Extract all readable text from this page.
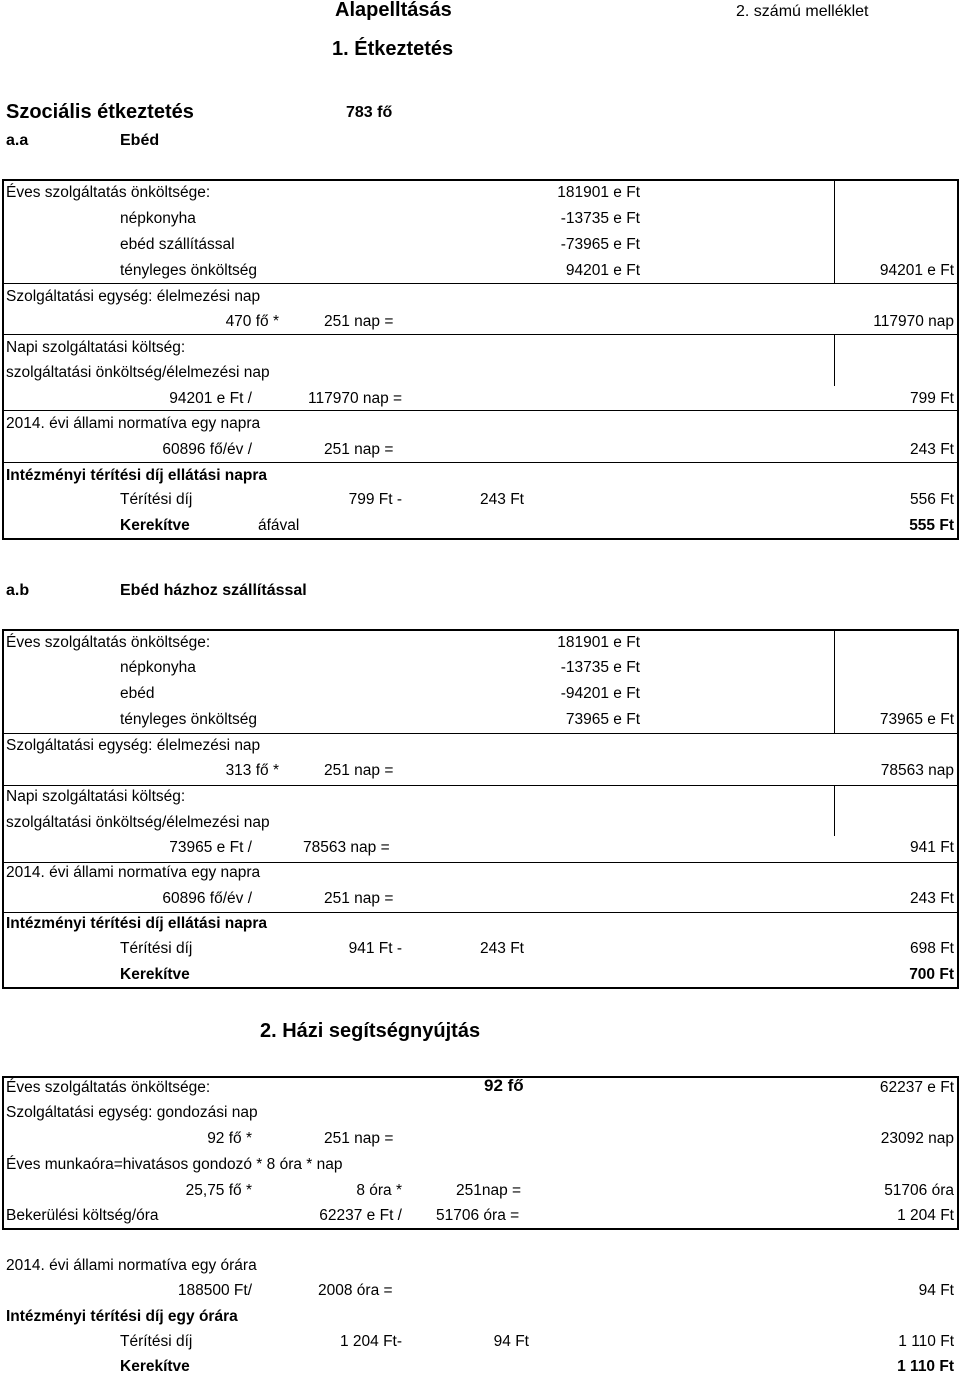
Alapelltásás	2. számú melléklet
1. Étkeztetés
Szociális étkeztetés	783 fő
a.a	Ebéd
Éves szolgáltatás önköltsége:	181901 e Ft
népkonyha	-13735 e Ft
ebéd szállítással	-73965 e Ft
tényleges önköltség	94201 e Ft	94201 e Ft
Szolgáltatási egység: élelmezési nap
470 fő *	251 nap =	117970 nap
Napi szolgáltatási költség:
szolgáltatási önköltség/élelmezési nap
94201 e Ft /	117970 nap =	799 Ft
2014. évi állami normatíva egy napra
60896 fő/év /	251 nap =	243 Ft
Intézményi térítési díj ellátási napra
Térítési díj	799 Ft -	243 Ft	556 Ft
Kerekítve	áfával	555 Ft
a.b	Ebéd házhoz szállítással
Éves szolgáltatás önköltsége:	181901 e Ft
népkonyha	-13735 e Ft
ebéd	-94201 e Ft
tényleges önköltség	73965 e Ft	73965 e Ft
Szolgáltatási egység: élelmezési nap
313 fő *	251 nap =	78563 nap
Napi szolgáltatási költség:
szolgáltatási önköltség/élelmezési nap
73965 e Ft /	78563 nap =	941 Ft
2014. évi állami normatíva egy napra
60896 fő/év /	251 nap =	243 Ft
Intézményi térítési díj ellátási napra
Térítési díj	941 Ft -	243 Ft	698 Ft
Kerekítve	700 Ft
2. Házi segítségnyújtás
Éves szolgáltatás önköltsége:	92 fő	62237 e Ft
Szolgáltatási egység: gondozási nap
92 fő *	251 nap =	23092 nap
Éves munkaóra=hivatásos gondozó * 8 óra * nap
25,75 fő *	8 óra *	251nap =	51706 óra
Bekerülési költség/óra	62237 e Ft / 51706 óra =	1 204 Ft
2014. évi állami normatíva egy órára
188500 Ft/	2008 óra =	94 Ft
Intézményi térítési díj egy órára
Térítési díj	1 204 Ft-	94 Ft	1 110 Ft
Kerekítve	1 110 Ft
